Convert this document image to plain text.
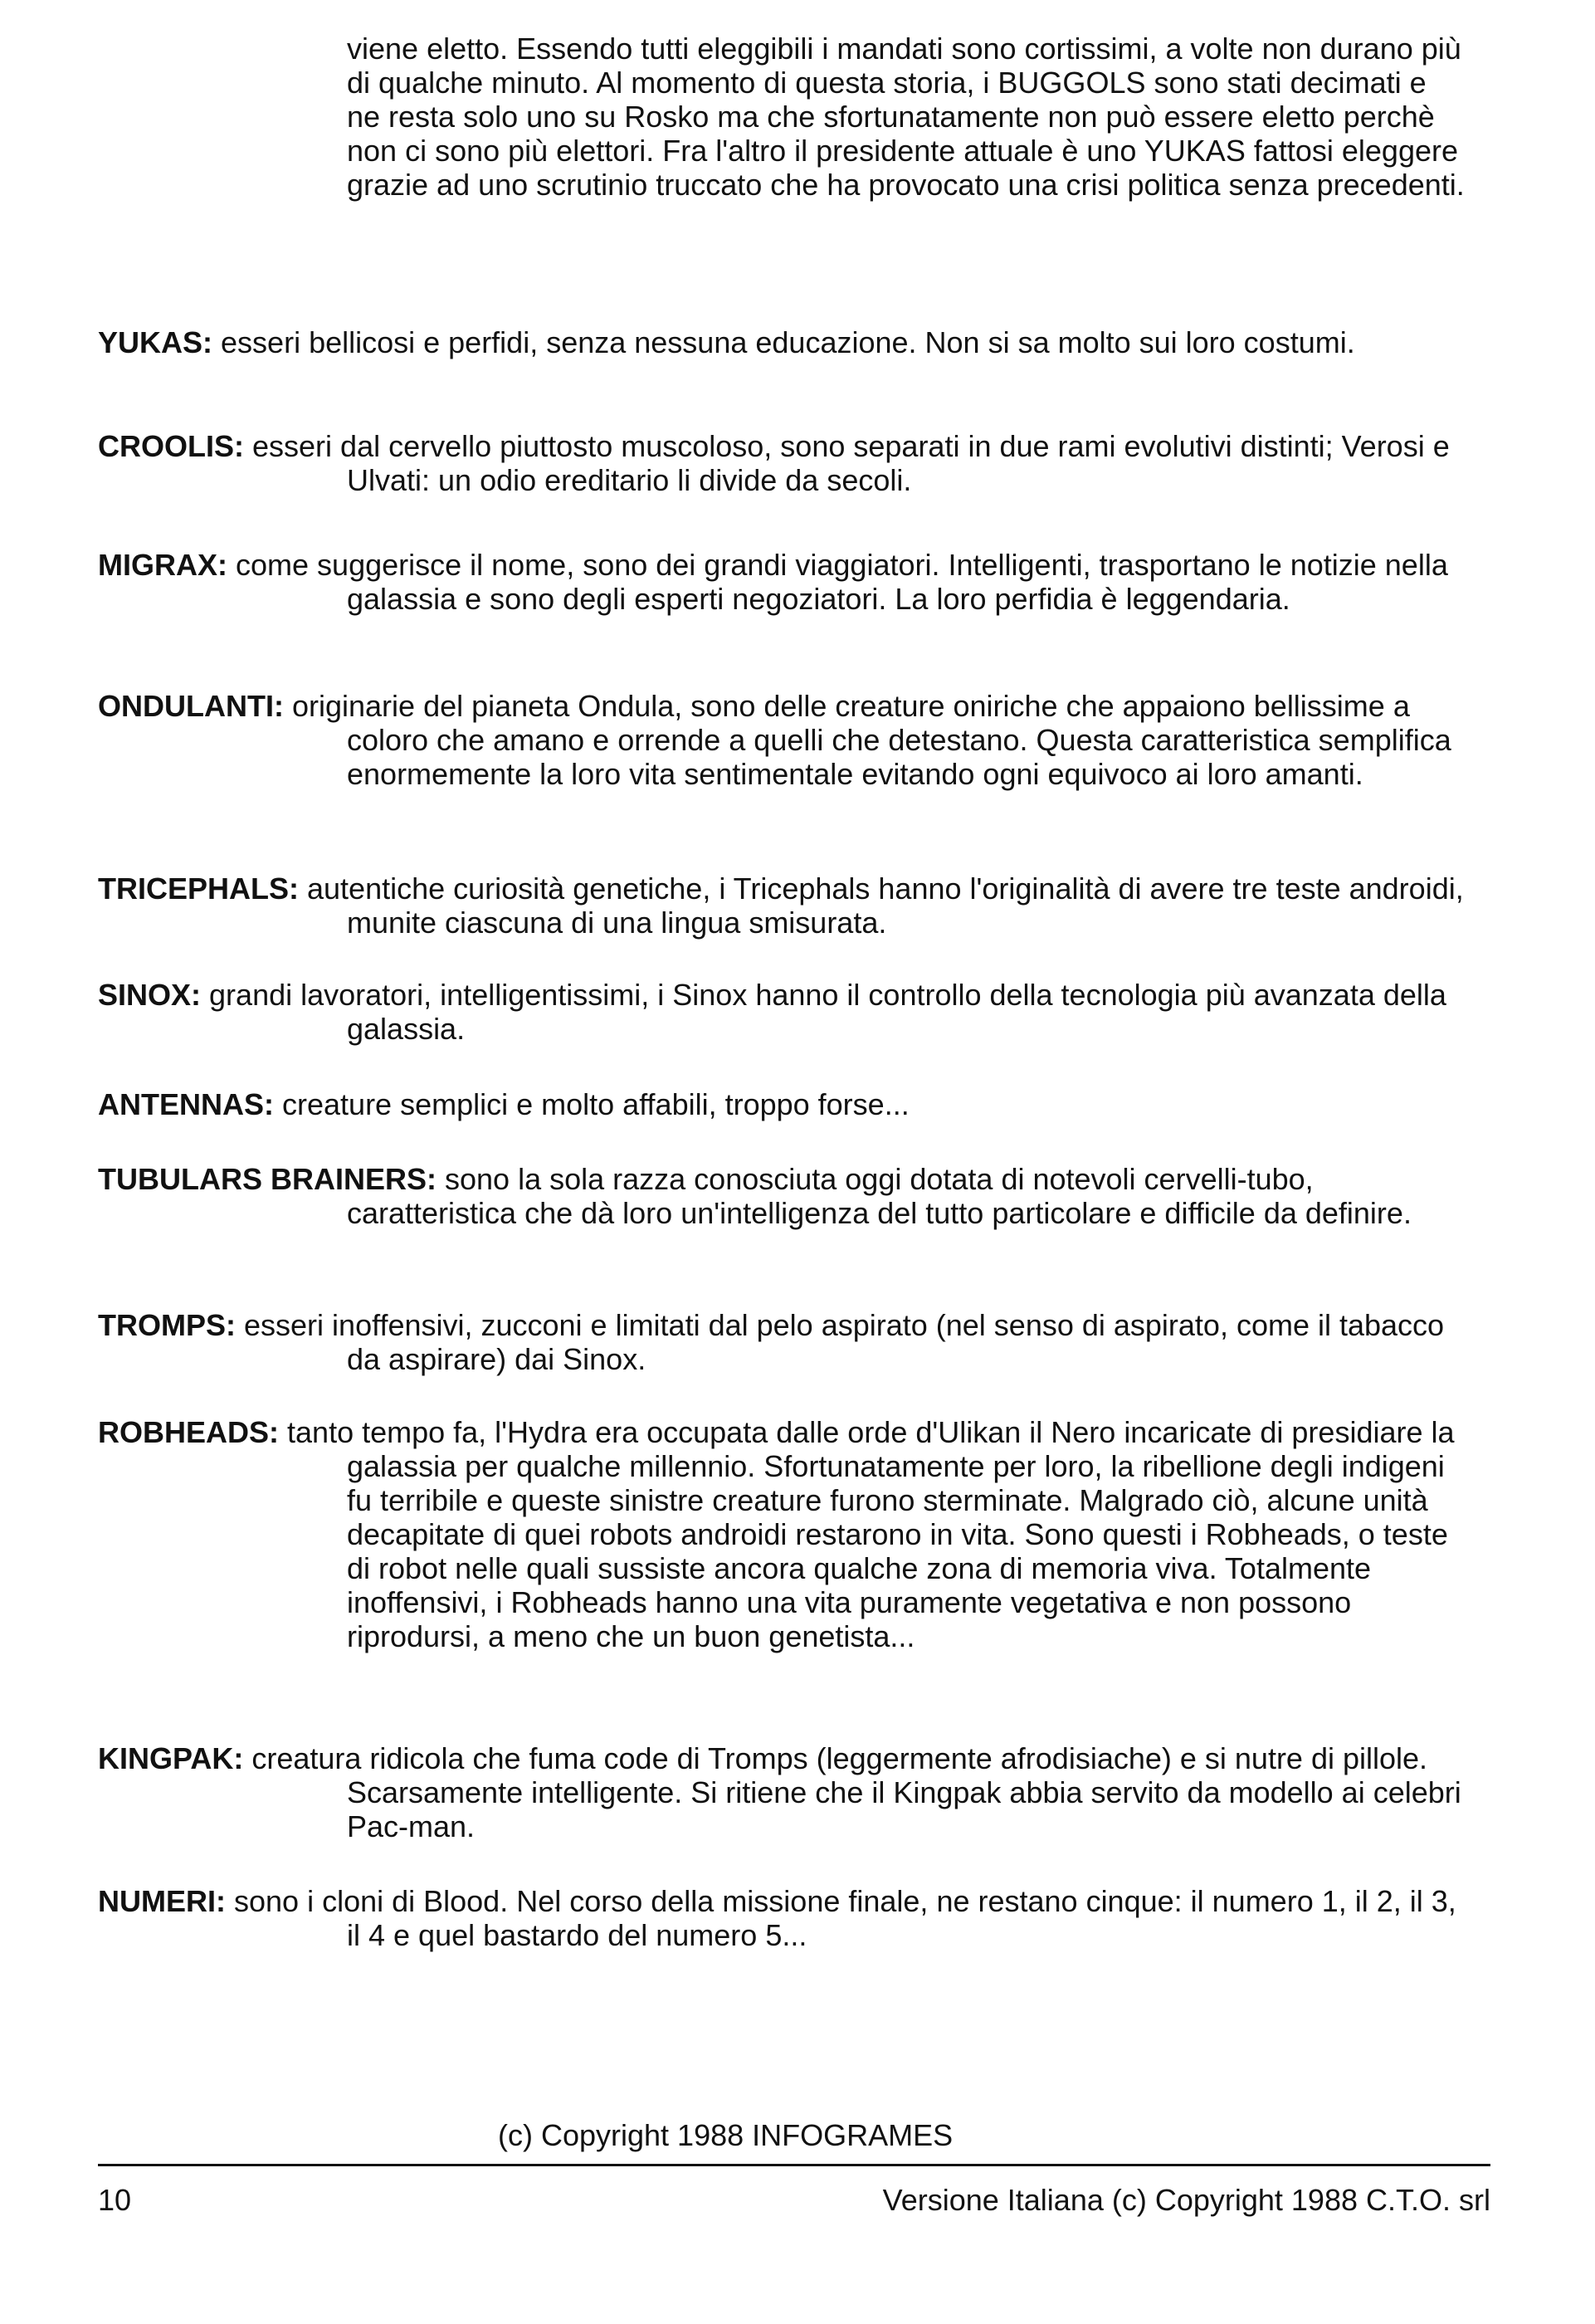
viene eletto. Essendo tutti eleggibili i mandati sono cortissimi, a volte non durano più di qualche minuto. Al momento di questa storia, i BUGGOLS sono stati decimati e ne resta solo uno su Rosko ma che sfortunatamente non può essere eletto perchè non ci sono più elettori. Fra l'altro il presidente attuale è uno YUKAS fattosi eleggere grazie ad uno scrutinio truccato che ha provocato una crisi politica senza precedenti.

YUKAS: esseri bellicosi e perfidi, senza nessuna educazione. Non si sa molto sui loro costumi.

CROOLIS: esseri dal cervello piuttosto muscoloso, sono separati in due rami evolutivi distinti; Verosi e Ulvati: un odio ereditario li divide da secoli.

MIGRAX: come suggerisce il nome, sono dei grandi viaggiatori. Intelligenti, trasportano le notizie nella galassia e sono degli esperti negoziatori. La loro perfidia è leggendaria.

ONDULANTI: originarie del pianeta Ondula, sono delle creature oniriche che appaiono bellissime a coloro che amano e orrende a quelli che detestano. Questa caratteristica semplifica enormemente la loro vita sentimentale evitando ogni equivoco ai loro amanti.

TRICEPHALS: autentiche curiosità genetiche, i Tricephals hanno l'originalità di avere tre teste androidi, munite ciascuna di una lingua smisurata.

SINOX: grandi lavoratori, intelligentissimi, i Sinox hanno il controllo della tecnologia più avanzata della galassia.

ANTENNAS: creature semplici e molto affabili, troppo forse...

TUBULARS BRAINERS: sono la sola razza conosciuta oggi dotata di notevoli cervelli-tubo, caratteristica che dà loro un'intelligenza del tutto particolare e difficile da definire.

TROMPS: esseri inoffensivi, zucconi e limitati dal pelo aspirato (nel senso di aspirato, come il tabacco da aspirare) dai Sinox.

ROBHEADS: tanto tempo fa, l'Hydra era occupata dalle orde d'Ulikan il Nero incaricate di presidiare la galassia per qualche millennio. Sfortunatamente per loro, la ribellione degli indigeni fu terribile e queste sinistre creature furono sterminate. Malgrado ciò, alcune unità decapitate di quei robots androidi restarono in vita. Sono questi i Robheads, o teste di robot nelle quali sussiste ancora qualche zona di memoria viva. Totalmente inoffensivi, i Robheads hanno una vita puramente vegetativa e non possono riprodursi, a meno che un buon genetista...

KINGPAK: creatura ridicola che fuma code di Tromps (leggermente afrodisiache) e si nutre di pillole. Scarsamente intelligente. Si ritiene che il Kingpak abbia servito da modello ai celebri Pac-man.

NUMERI: sono i cloni di Blood. Nel corso della missione finale, ne restano cinque: il numero 1, il 2, il 3, il 4 e quel bastardo del numero 5...

(c) Copyright 1988 INFOGRAMES
10	Versione Italiana (c) Copyright 1988 C.T.O. srl
